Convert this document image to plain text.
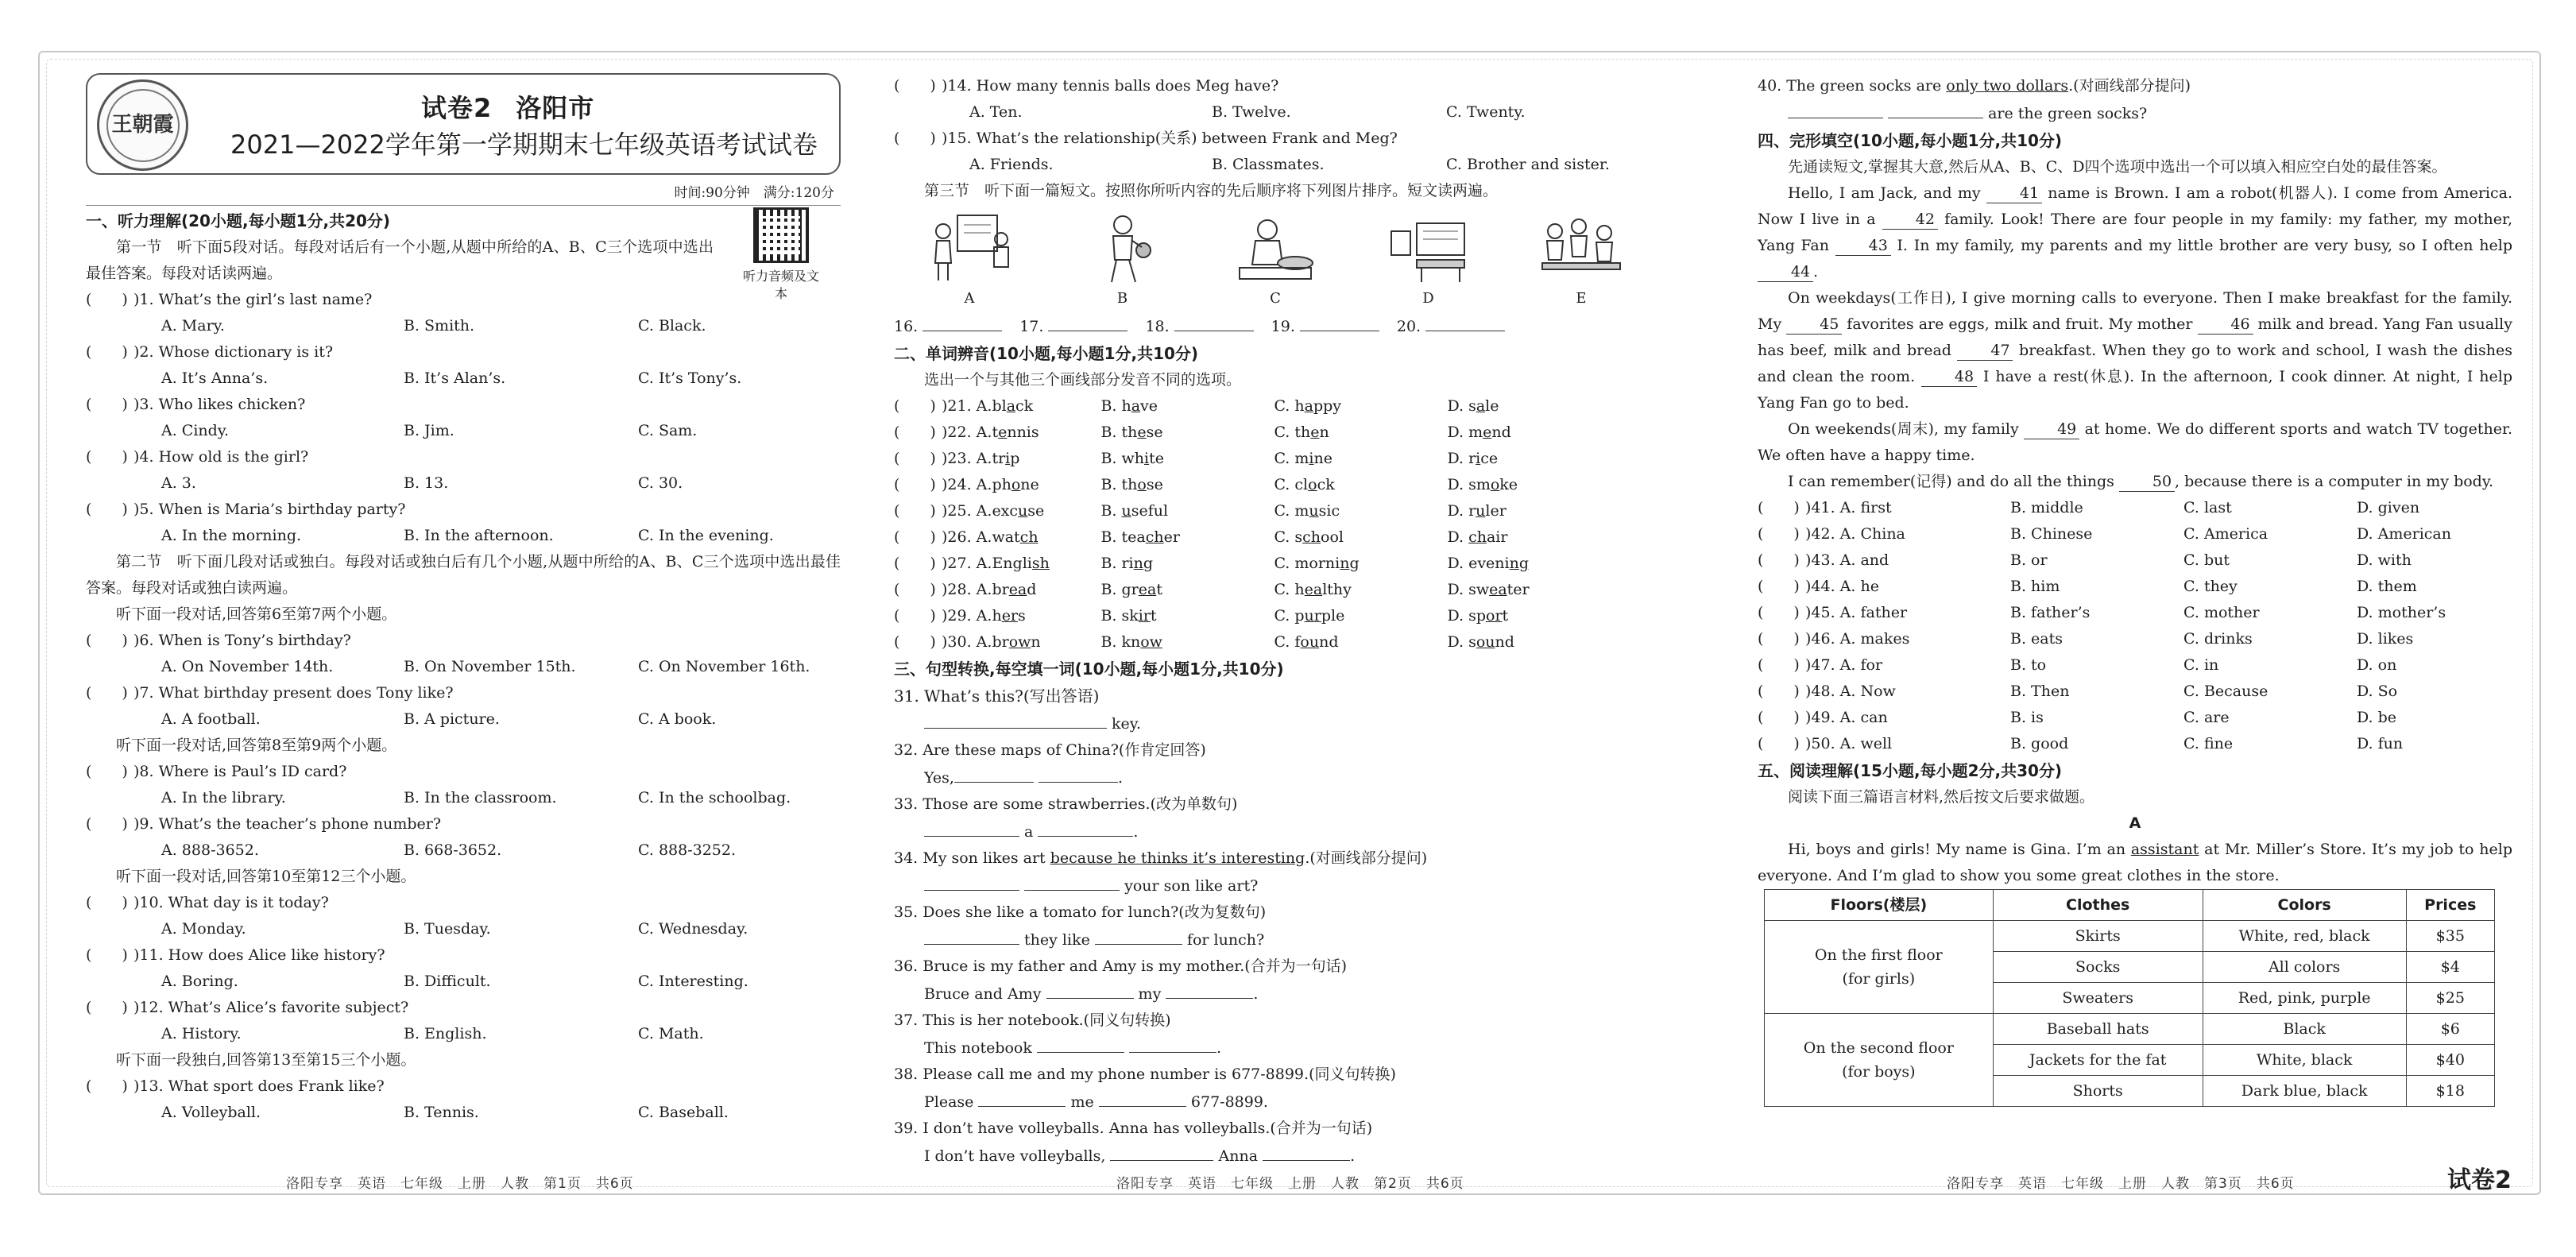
王朝霞
试卷2 洛阳市
2021—2022学年第一学期期末七年级英语考试试卷
时间:90分钟　满分:120分
听力音频及文本
一、听力理解(20小题,每小题1分,共20分)
第一节　听下面5段对话。每段对话后有一个小题,从题中所给的A、B、C三个选项中选出最佳答案。每段对话读两遍。
(　　) )1. What’s the girl’s last name?
A. Mary.	B. Smith.	C. Black.
(　　) )2. Whose dictionary is it?
A. It’s Anna’s.	B. It’s Alan’s.	C. It’s Tony’s.
(　　) )3. Who likes chicken?
A. Cindy.	B. Jim.	C. Sam.
(　　) )4. How old is the girl?
A. 3.	B. 13.	C. 30.
(　　) )5. When is Maria’s birthday party?
A. In the morning.	B. In the afternoon.	C. In the evening.
第二节　听下面几段对话或独白。每段对话或独白后有几个小题,从题中所给的A、B、C三个选项中选出最佳答案。每段对话或独白读两遍。
听下面一段对话,回答第6至第7两个小题。
(　　) )6. When is Tony’s birthday?
A. On November 14th.	B. On November 15th.	C. On November 16th.
(　　) )7. What birthday present does Tony like?
A. A football.	B. A picture.	C. A book.
听下面一段对话,回答第8至第9两个小题。
(　　) )8. Where is Paul’s ID card?
A. In the library.	B. In the classroom.	C. In the schoolbag.
(　　) )9. What’s the teacher’s phone number?
A. 888-3652.	B. 668-3652.	C. 888-3252.
听下面一段对话,回答第10至第12三个小题。
(　　) )10. What day is it today?
A. Monday.	B. Tuesday.	C. Wednesday.
(　　) )11. How does Alice like history?
A. Boring.	B. Difficult.	C. Interesting.
(　　) )12. What’s Alice’s favorite subject?
A. History.	B. English.	C. Math.
听下面一段独白,回答第13至第15三个小题。
(　　) )13. What sport does Frank like?
A. Volleyball.	B. Tennis.	C. Baseball.
洛阳专享　英语　七年级　上册　人教　第1页　共6页
(　　) )14. How many tennis balls does Meg have?
A. Ten.	B. Twelve.	C. Twenty.
(　　) )15. What’s the relationship(关系) between Frank and Meg?
A. Friends.	B. Classmates.	C. Brother and sister.
第三节　听下面一篇短文。按照你所听内容的先后顺序将下列图片排序。短文读两遍。
A	B	C	D	E
16.	17.	18.	19.	20.
二、单词辨音(10小题,每小题1分,共10分)
选出一个与其他三个画线部分发音不同的选项。
(　　) )21. A. black	B. have	C. happy	D. sale
(　　) )22. A. tennis	B. these	C. then	D. mend
(　　) )23. A. trip	B. white	C. mine	D. rice
(　　) )24. A. phone	B. those	C. clock	D. smoke
(　　) )25. A. excuse	B. useful	C. music	D. ruler
(　　) )26. A. watch	B. teacher	C. school	D. chair
(　　) )27. A. English	B. ring	C. morning	D. evening
(　　) )28. A. bread	B. great	C. healthy	D. sweater
(　　) )29. A. hers	B. skirt	C. purple	D. sport
(　　) )30. A. brown	B. know	C. found	D. sound
三、句型转换,每空填一词(10小题,每小题1分,共10分)
31. What’s this?(写出答语)
key.
32. Are these maps of China?(作肯定回答)
Yes,	.
33. Those are some strawberries.(改为单数句)
a	.
34. My son likes art because he thinks it’s interesting.(对画线部分提问)
your son like art?
35. Does she like a tomato for lunch?(改为复数句)
they like	for lunch?
36. Bruce is my father and Amy is my mother.(合并为一句话)
Bruce and Amy	my	.
37. This is her notebook.(同义句转换)
This notebook	.
38. Please call me and my phone number is 677-8899.(同义句转换)
Please	me	677-8899.
39. I don’t have volleyballs. Anna has volleyballs.(合并为一句话)
I don’t have volleyballs,	Anna	.
洛阳专享　英语　七年级　上册　人教　第2页　共6页
40. The green socks are only two dollars.(对画线部分提问)
are the green socks?
四、完形填空(10小题,每小题1分,共10分)
先通读短文,掌握其大意,然后从A、B、C、D四个选项中选出一个可以填入相应空白处的最佳答案。
Hello, I am Jack, and my 41 name is Brown. I am a robot(机器人). I come from America. Now I live in a 42 family. Look! There are four people in my family: my father, my mother, Yang Fan 43 I. In my family, my parents and my little brother are very busy, so I often help 44 .
On weekdays(工作日), I give morning calls to everyone. Then I make breakfast for the family. My 45 favorites are eggs, milk and fruit. My mother 46 milk and bread. Yang Fan usually has beef, milk and bread 47 breakfast. When they go to work and school, I wash the dishes and clean the room. 48 I have a rest(休息). In the afternoon, I cook dinner. At night, I help Yang Fan go to bed.
On weekends(周末), my family 49 at home. We do different sports and watch TV together. We often have a happy time.
I can remember(记得) and do all the things 50 , because there is a computer in my body.
(　　) )41. A. first	B. middle	C. last	D. given
(　　) )42. A. China	B. Chinese	C. America	D. American
(　　) )43. A. and	B. or	C. but	D. with
(　　) )44. A. he	B. him	C. they	D. them
(　　) )45. A. father	B. father’s	C. mother	D. mother’s
(　　) )46. A. makes	B. eats	C. drinks	D. likes
(　　) )47. A. for	B. to	C. in	D. on
(　　) )48. A. Now	B. Then	C. Because	D. So
(　　) )49. A. can	B. is	C. are	D. be
(　　) )50. A. well	B. good	C. fine	D. fun
五、阅读理解(15小题,每小题2分,共30分)
阅读下面三篇语言材料,然后按文后要求做题。
A
Hi, boys and girls! My name is Gina. I’m an assistant at Mr. Miller’s Store. It’s my job to help everyone. And I’m glad to show you some great clothes in the store.
Floors(楼层)	Clothes	Colors	Prices

On the first floor
(for girls)	Skirts	White, red, black	$35
	Socks	All colors	$4
	Sweaters	Red, pink, purple	$25

On the second floor
(for boys)	Baseball hats	Black	$6
	Jackets for the fat	White, black	$40
	Shorts	Dark blue, black	$18
洛阳专享　英语　七年级　上册　人教　第3页　共6页	试卷2
